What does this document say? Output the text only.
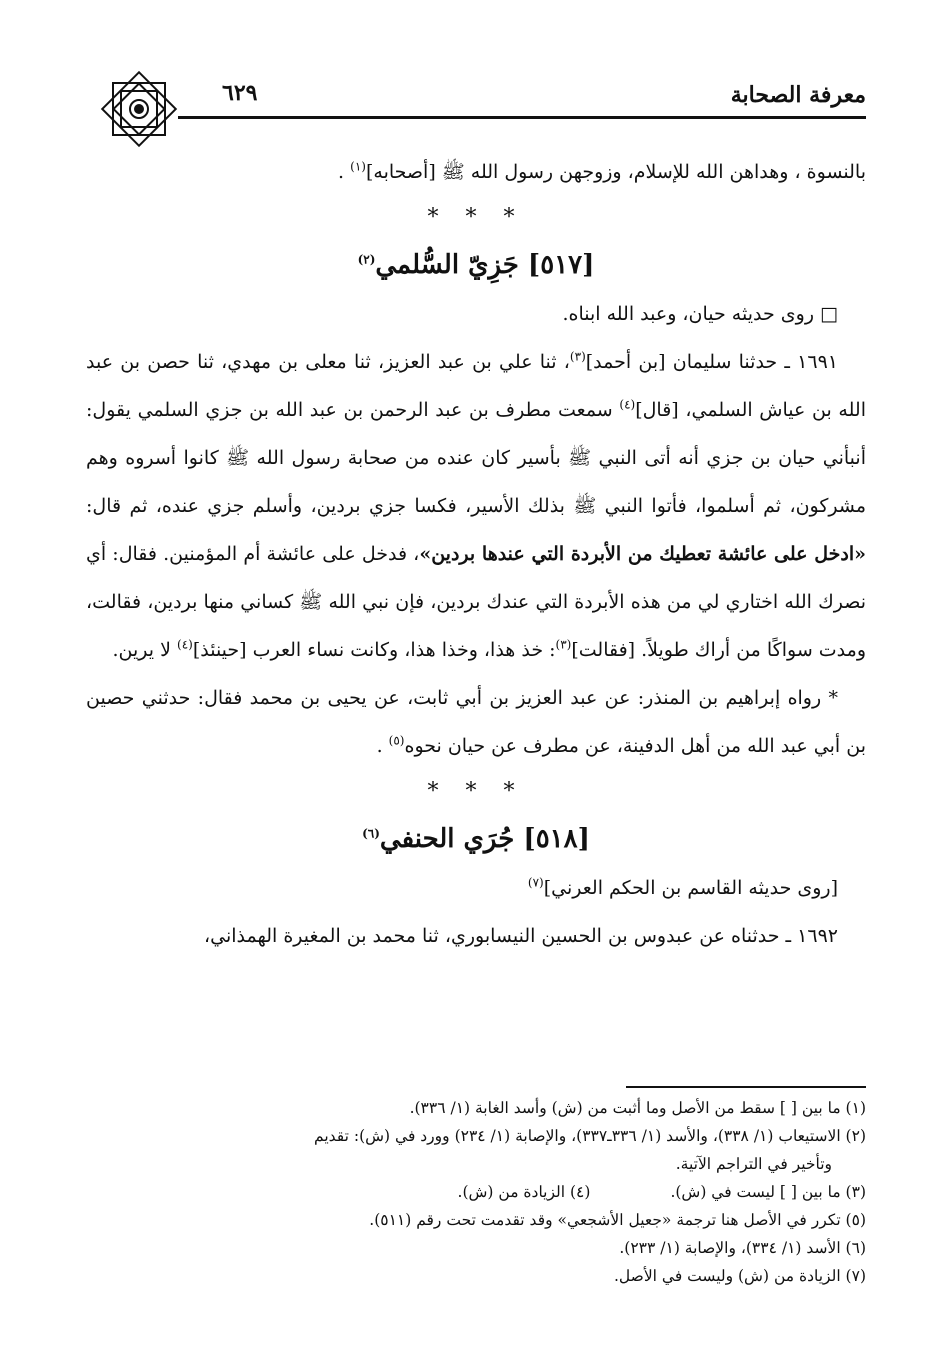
معرفة الصحابة
٦٢٩

بالنسوة ، وهداهن الله للإسلام، وزوجهن رسول الله ﷺ [أصحابه]$^{(١)}$ .

* * *
[٥١٧] جَزِيّ السُّلمي$^{(٢)}$

□ روى حديثه حيان، وعبد الله ابناه.

١٦٩١ ـ حدثنا سليمان [بن أحمد]$^{(٣)}$، ثنا علي بن عبد العزيز، ثنا معلى بن مهدي، ثنا حصن بن عبد الله بن عياش السلمي، [قال]$^{(٤)}$ سمعت مطرف بن عبد الرحمن بن عبد الله بن جزي السلمي يقول: أنبأني حيان بن جزي أنه أتى النبي ﷺ بأسير كان عنده من صحابة رسول الله ﷺ كانوا أسروه وهم مشركون، ثم أسلموا، فأتوا النبي ﷺ بذلك الأسير، فكسا جزي بردين، وأسلم جزي عنده، ثم قال: «ادخل على عائشة تعطيك من الأبردة التي عندها بردين»، فدخل على عائشة أم المؤمنين. فقال: أي نصرك الله اختاري لي من هذه الأبردة التي عندك بردين، فإن نبي الله ﷺ كساني منها بردين، فقالت، ومدت سواكًا من أراك طويلاً. [فقالت]$^{(٣)}$: خذ هذا، وخذا هذا، وكانت نساء العرب [حينئذ]$^{(٤)}$ لا يرين.

* رواه إبراهيم بن المنذر: عن عبد العزيز بن أبي ثابت، عن يحيى بن محمد فقال: حدثني حصين بن أبي عبد الله من أهل الدفينة، عن مطرف عن حيان نحوه$^{(٥)}$ .

* * *
[٥١٨] جُرَي الحنفي$^{(٦)}$

[روى حديثه القاسم بن الحكم العرني]$^{(٧)}$

١٦٩٢ ـ حدثناه عن عبدوس بن الحسين النيسابوري، ثنا محمد بن المغيرة الهمذاني،

(١) ما بين [ ] سقط من الأصل وما أثبت من (ش) وأسد الغابة (١/ ٣٣٦).

(٢) الاستيعاب (١/ ٣٣٨)، والأسد (١/ ٣٣٦ـ٣٣٧)، والإصابة (١/ ٢٣٤) وورد في (ش): تقديم

وتأخير في التراجم الآتية.

(٣) ما بين [ ] ليست في (ش).
(٤) الزيادة من (ش).

(٥) تكرر في الأصل هنا ترجمة «جعيل الأشجعي» وقد تقدمت تحت رقم (٥١١).

(٦) الأسد (١/ ٣٣٤)، والإصابة (١/ ٢٣٣).

(٧) الزيادة من (ش) وليست في الأصل.
